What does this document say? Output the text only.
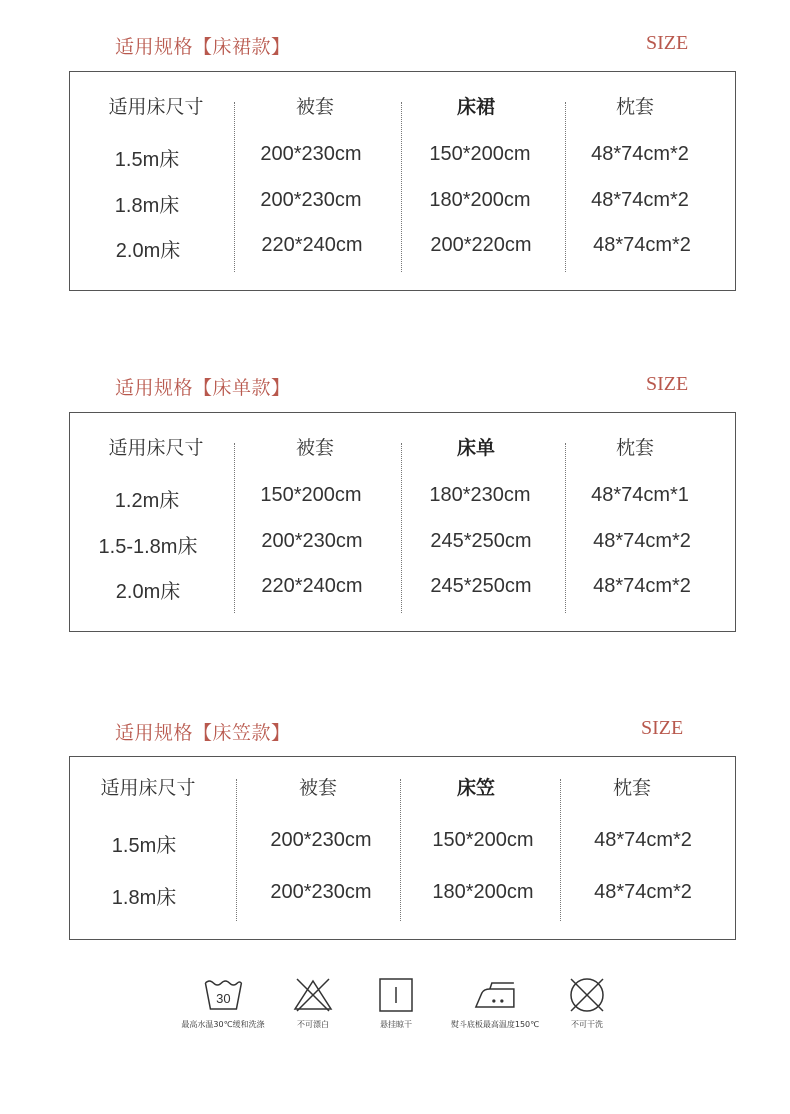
适用规格【床裙款】	SIZE
适用床尺寸	被套	床裙	枕套
1.5m床	200*230cm	150*200cm	48*74cm*2
1.8m床	200*230cm	180*200cm	48*74cm*2
2.0m床	220*240cm	200*220cm	48*74cm*2
适用规格【床单款】	SIZE
适用床尺寸	被套	床单	枕套
1.2m床	150*200cm	180*230cm	48*74cm*1
1.5-1.8m床	200*230cm	245*250cm	48*74cm*2
2.0m床	220*240cm	245*250cm	48*74cm*2
适用规格【床笠款】	SIZE
适用床尺寸	被套	床笠	枕套
1.5m床	200*230cm	150*200cm	48*74cm*2
1.8m床	200*230cm	180*200cm	48*74cm*2
30
最高水温30℃缓和洗涤	不可漂白	悬挂晾干	熨斗底板最高温度150℃	不可干洗
